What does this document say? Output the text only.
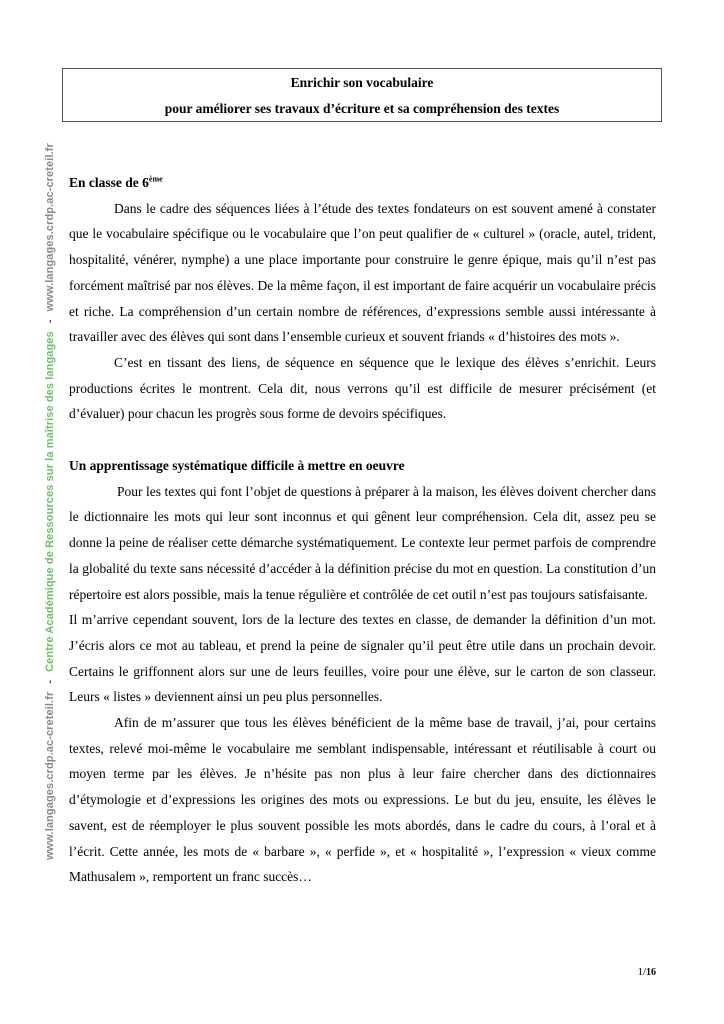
Enrichir son vocabulaire
pour améliorer ses travaux d’écriture et sa compréhension des textes
www.langages.crdp.ac-creteil.fr-Centre Académique de Ressources sur la maîtrise des langages-www.langages.crdp.ac-creteil.fr En classe de 6ème

Dans le cadre des séquences liées à l’étude des textes fondateurs on est souvent amené à constater que le vocabulaire spécifique ou le vocabulaire que l’on peut qualifier de « culturel » (oracle, autel, trident, hospitalité, vénérer, nymphe) a une place importante pour construire le genre épique, mais qu’il n’est pas forcément maîtrisé par nos élèves. De la même façon, il est important de faire acquérir un vocabulaire précis et riche. La compréhension d’un certain nombre de références, d’expressions semble aussi intéressante à travailler avec des élèves qui sont dans l’ensemble curieux et souvent friands « d’histoires des mots ».

C’est en tissant des liens, de séquence en séquence que le lexique des élèves s’enrichit. Leurs productions écrites le montrent. Cela dit, nous verrons qu’il est difficile de mesurer précisément (et d’évaluer) pour chacun les progrès sous forme de devoirs spécifiques.

Un apprentissage systématique difficile à mettre en oeuvre

Pour les textes qui font l’objet de questions à préparer à la maison, les élèves doivent chercher dans le dictionnaire les mots qui leur sont inconnus et qui gênent leur compréhension. Cela dit, assez peu se donne la peine de réaliser cette démarche systématiquement. Le contexte leur permet parfois de comprendre la globalité du texte sans nécessité d’accéder à la définition précise du mot en question. La constitution d’un répertoire est alors possible, mais la tenue régulière et contrôlée de cet outil n’est pas toujours satisfaisante.

Il m’arrive cependant souvent, lors de la lecture des textes en classe, de demander la définition d’un mot. J’écris alors ce mot au tableau, et prend la peine de signaler qu’il peut être utile dans un prochain devoir. Certains le griffonnent alors sur une de leurs feuilles, voire pour une élève, sur le carton de son classeur. Leurs « listes » deviennent ainsi un peu plus personnelles.

Afin de m’assurer que tous les élèves bénéficient de la même base de travail, j’ai, pour certains textes, relevé moi-même le vocabulaire me semblant indispensable, intéressant et réutilisable à court ou moyen terme par les élèves. Je n’hésite pas non plus à leur faire chercher dans des dictionnaires d’étymologie et d’expressions les origines des mots ou expressions. Le but du jeu, ensuite, les élèves le savent, est de réemployer le plus souvent possible les mots abordés, dans le cadre du cours, à l’oral et à l’écrit. Cette année, les mots de « barbare », « perfide », et « hospitalité », l’expression « vieux comme Mathusalem », remportent un franc succès…

1/16
